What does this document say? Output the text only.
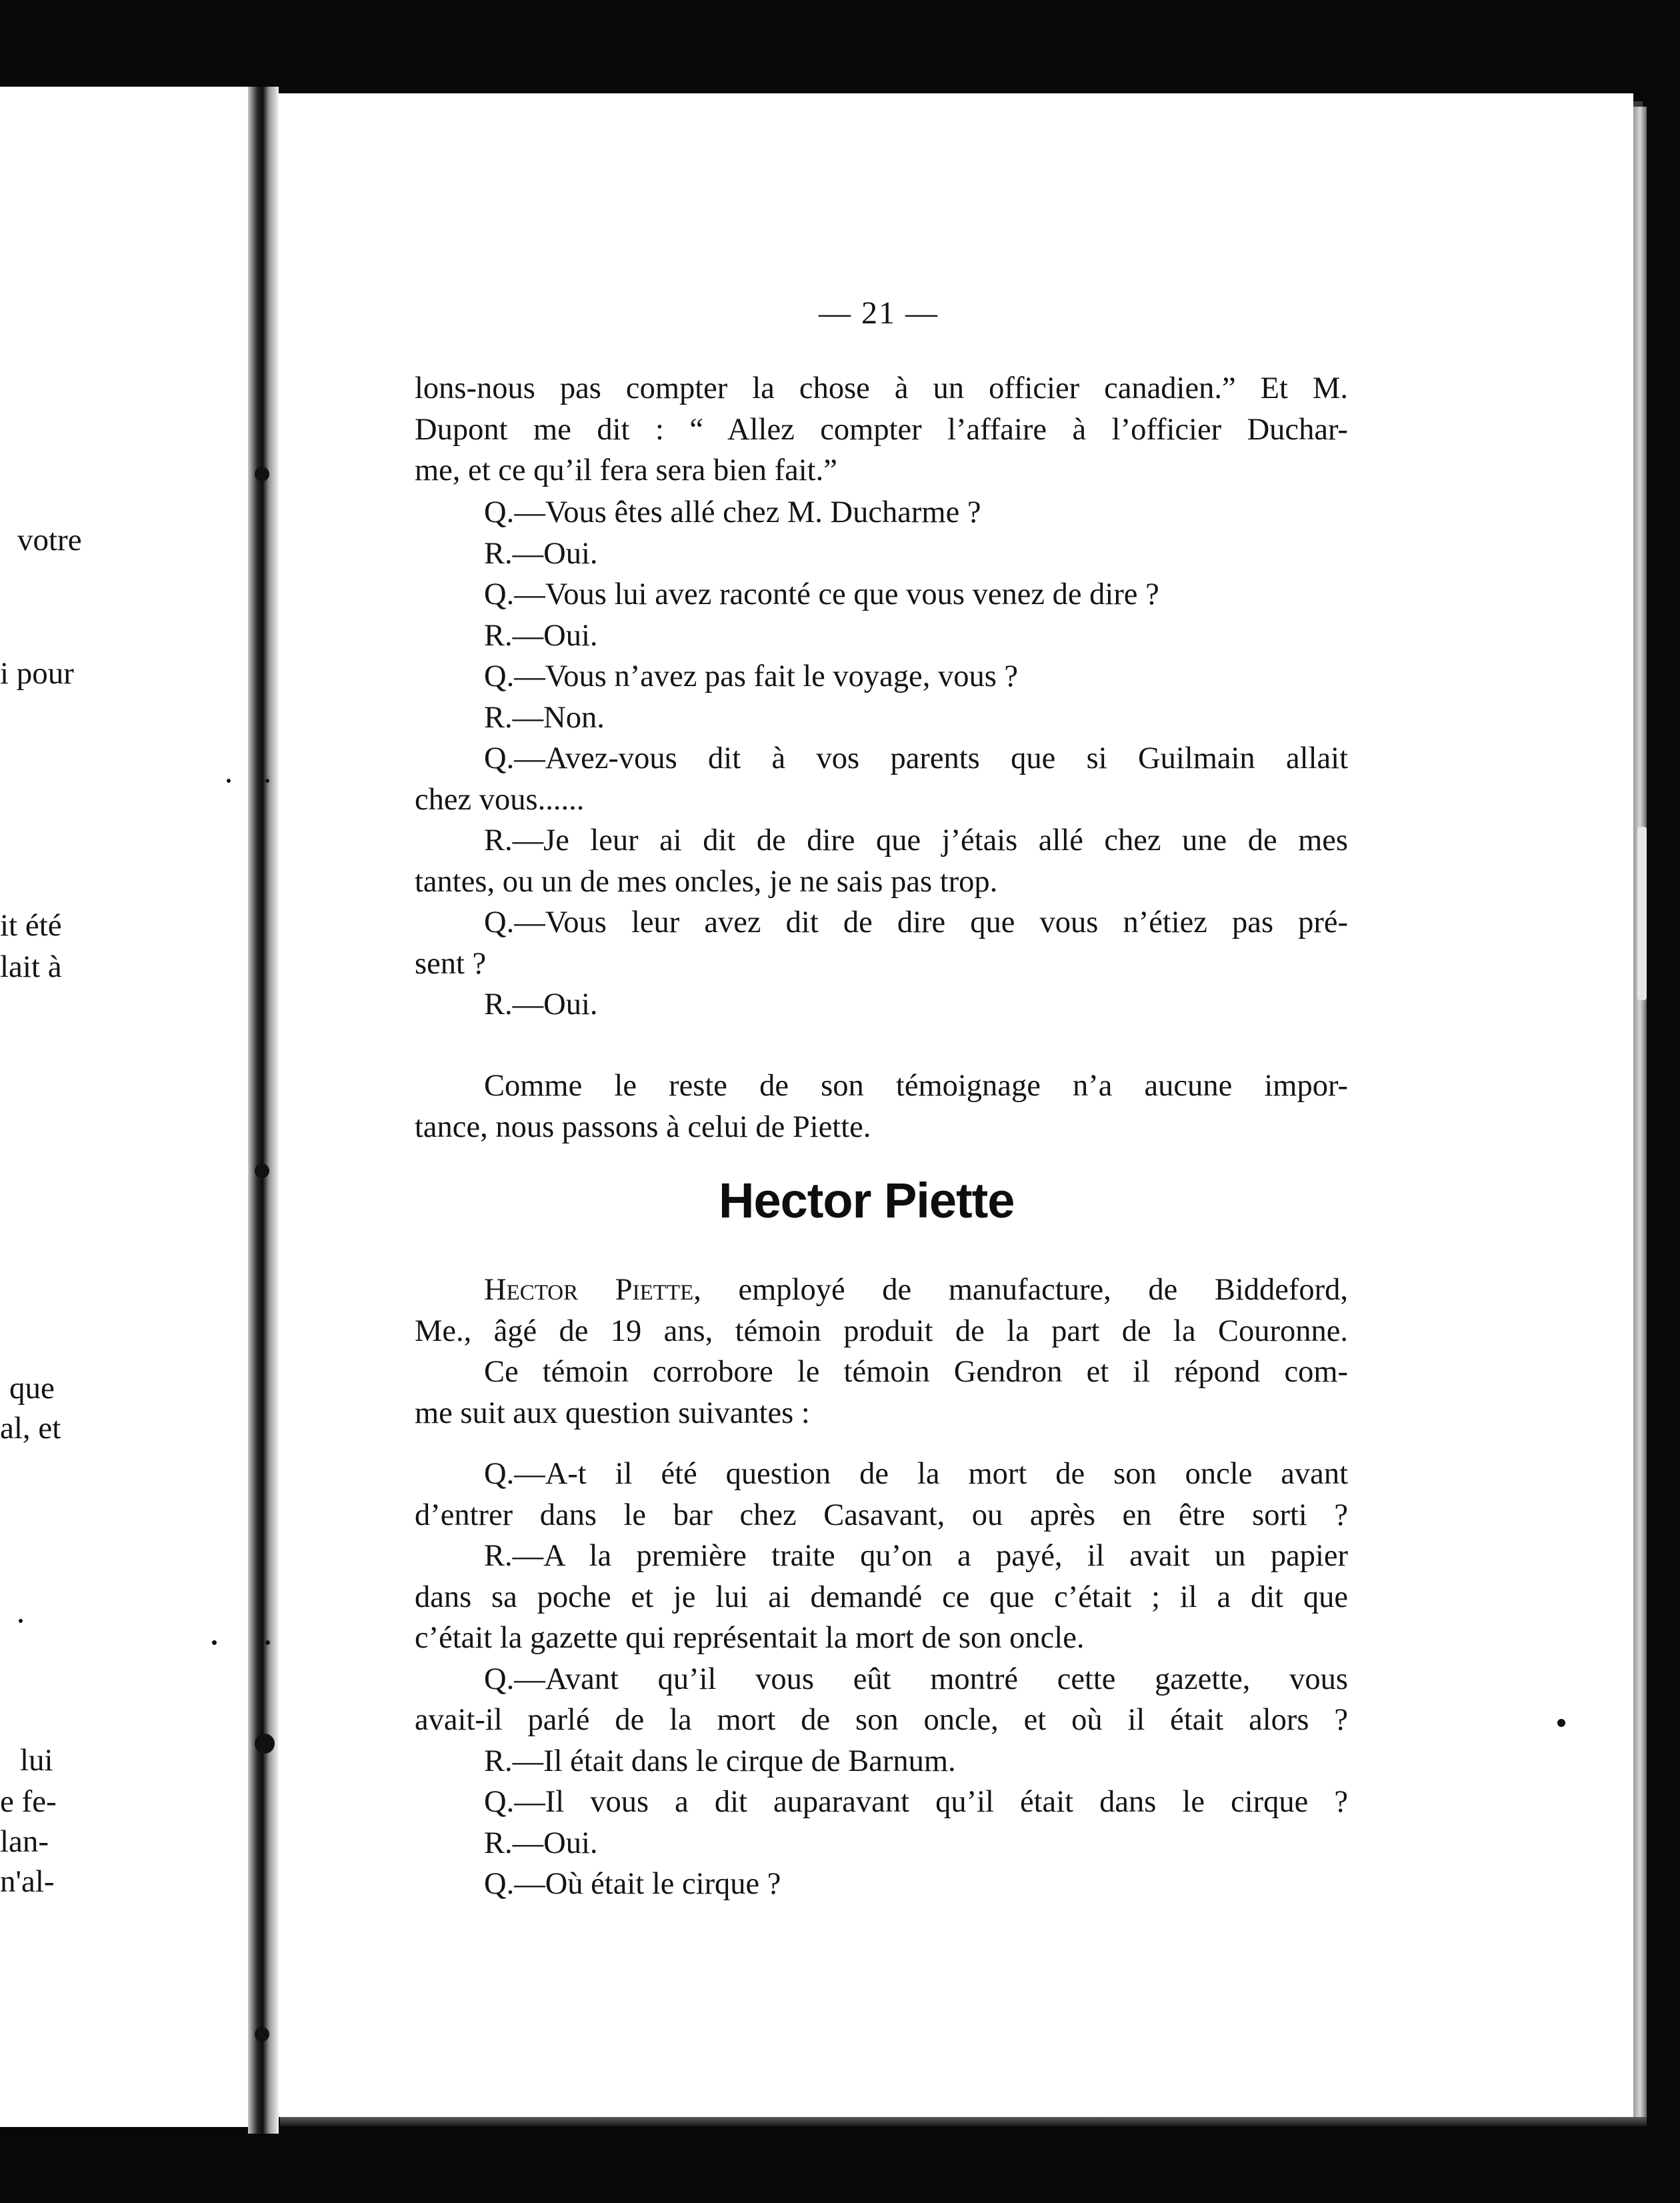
votre
i pour
it été
lait à
que
al, et
lui
e fe-
lan-
n'al-
— 21 —
lons-nous pas compter la chose à un officier canadien.” Et M.
Dupont me dit : “ Allez compter l’affaire à l’officier Duchar-
me, et ce qu’il fera sera bien fait.”
Q.—Vous êtes allé chez M. Ducharme ?
R.—Oui.
Q.—Vous lui avez raconté ce que vous venez de dire ?
R.—Oui.
Q.—Vous n’avez pas fait le voyage, vous ?
R.—Non.
Q.—Avez-vous dit à vos parents que si Guilmain allait
chez vous......
R.—Je leur ai dit de dire que j’étais allé chez une de mes
tantes, ou un de mes oncles, je ne sais pas trop.
Q.—Vous leur avez dit de dire que vous n’étiez pas pré-
sent ?
R.—Oui.
Comme le reste de son témoignage n’a aucune impor-
tance, nous passons à celui de Piette.
Hector Piette
Hector Piette, employé de manufacture, de Biddeford,
Me., âgé de 19 ans, témoin produit de la part de la Couronne.
Ce témoin corrobore le témoin Gendron et il répond com-
me suit aux question suivantes :
Q.—A-t il été question de la mort de son oncle avant
d’entrer dans le bar chez Casavant, ou après en être sorti ?
R.—A la première traite qu’on a payé, il avait un papier
dans sa poche et je lui ai demandé ce que c’était ; il a dit que
c’était la gazette qui représentait la mort de son oncle.
Q.—Avant qu’il vous eût montré cette gazette, vous
avait-il parlé de la mort de son oncle, et où il était alors ?
R.—Il était dans le cirque de Barnum.
Q.—Il vous a dit auparavant qu’il était dans le cirque ?
R.—Oui.
Q.—Où était le cirque ?
